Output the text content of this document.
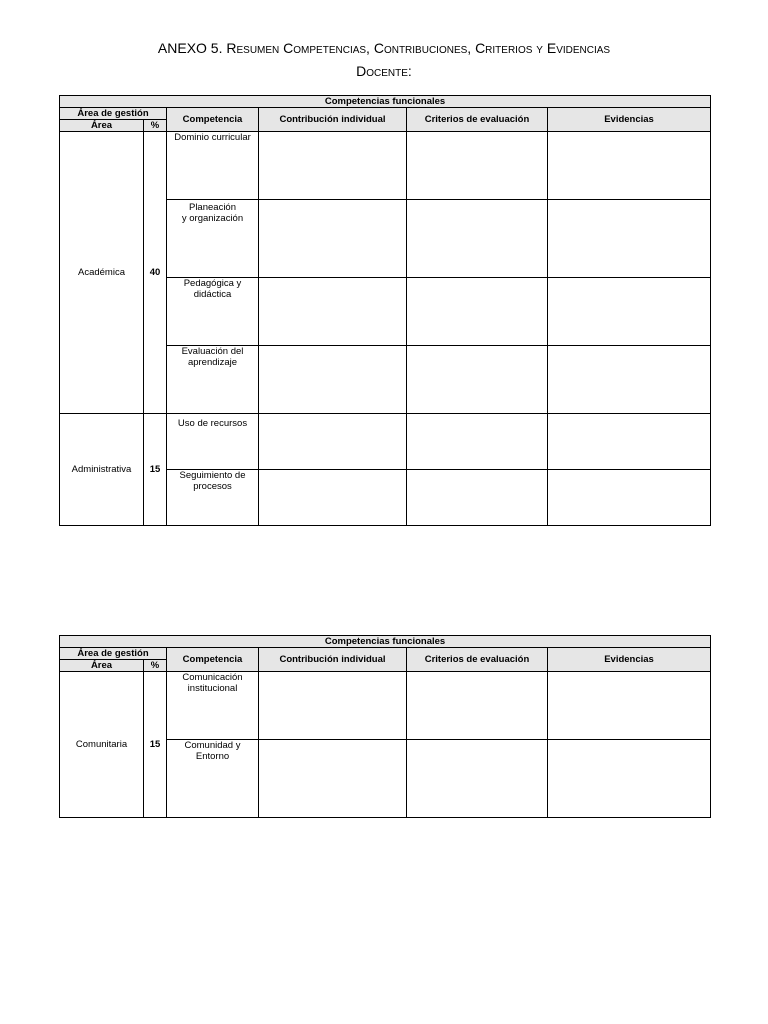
ANEXO 5. Resumen Competencias, Contribuciones, Criterios y Evidencias
Docente:
Competencias funcionales					
Área de gestión		Competencia	Contribución individual	Criterios de evaluación	Evidencias
Área	%				
Académica	40	Dominio curricular			
		Planeación
y organización			
		Pedagógica y didáctica			
		Evaluación del aprendizaje			
Administrativa	15	Uso de recursos			
		Seguimiento de procesos			
Competencias funcionales					
Área de gestión		Competencia	Contribución individual	Criterios de evaluación	Evidencias
Área	%				
Comunitaria	15	Comunicación institucional			
		Comunidad y Entorno			
